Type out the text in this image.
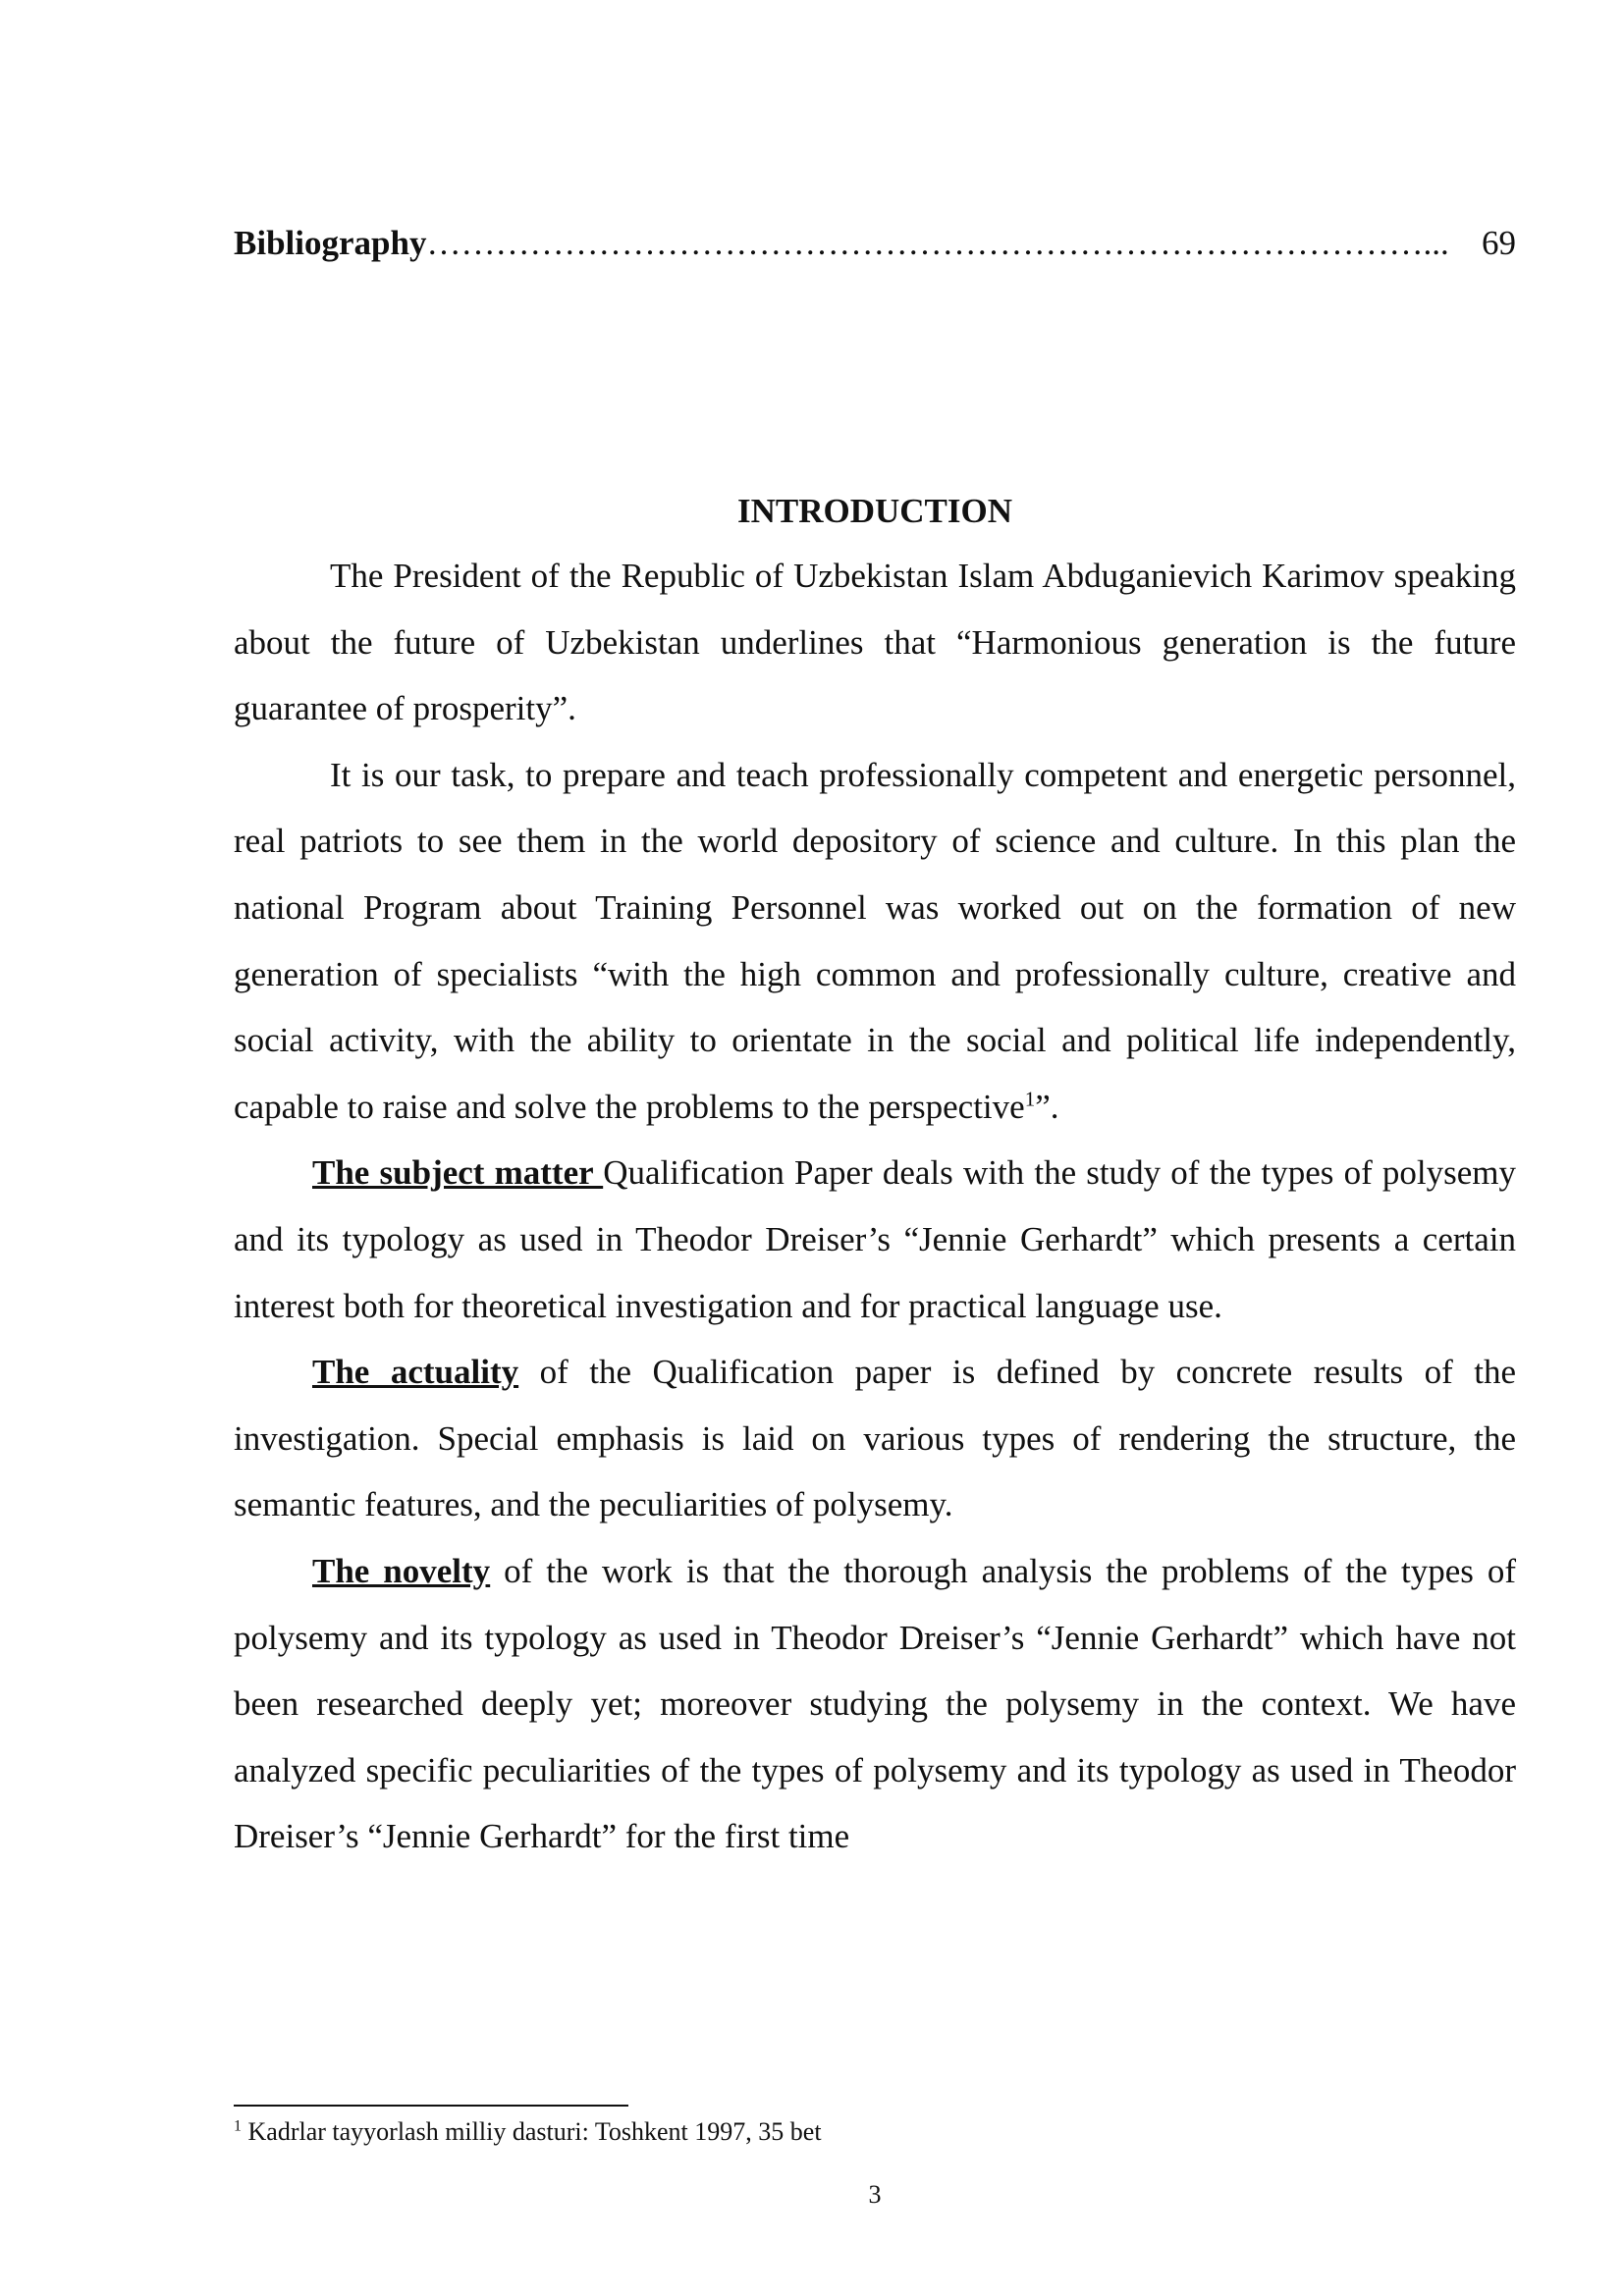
Bibliography ……………………………………………………………………………... 69
INTRODUCTION

The President of the Republic of Uzbekistan Islam Abduganievich Karimov speaking about the future of Uzbekistan underlines that “Harmonious generation is the future guarantee of prosperity”.

It is our task, to prepare and teach professionally competent and energetic personnel, real patriots to see them in the world depository of science and culture. In this plan the national Program about Training Personnel was worked out on the formation of new generation of specialists “with the high common and professionally culture, creative and social activity, with the ability to orientate in the social and political life independently, capable to raise and solve the problems to the perspective$^1$”.

The subject matter Qualification Paper deals with the study of the types of polysemy and its typology as used in Theodor Dreiser’s “Jennie Gerhardt” which presents a certain interest both for theoretical investigation and for practical language use.

The actuality of the Qualification paper is defined by concrete results of the investigation. Special emphasis is laid on various types of rendering the structure, the semantic features, and the peculiarities of polysemy.

The novelty of the work is that the thorough analysis the problems of the types of polysemy and its typology as used in Theodor Dreiser’s “Jennie Gerhardt” which have not been researched deeply yet; moreover studying the polysemy in the context. We have analyzed specific peculiarities of the types of polysemy and its typology as used in Theodor Dreiser’s “Jennie Gerhardt” for the first time

$^1$ Kadrlar tayyorlash milliy dasturi: Toshkent 1997, 35 bet
3
